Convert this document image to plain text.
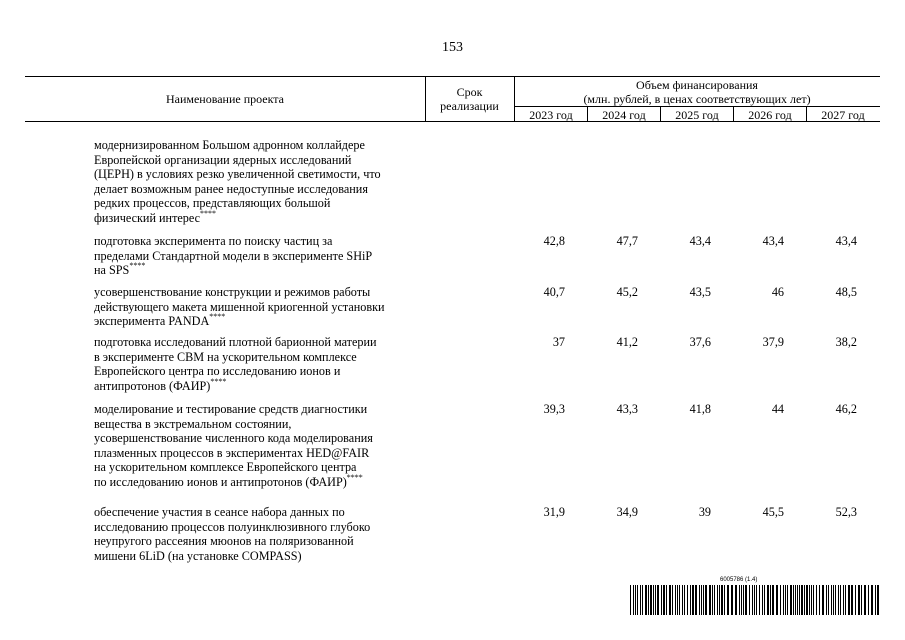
153
Наименование проекта	Срок
реализации
Объем финансирования
(млн. рублей, в ценах соответствующих лет)
2023 год	2024 год	2025 год	2026 год	2027 год
модернизированном Большом адронном коллайдере
Европейской организации ядерных исследований
(ЦЕРН) в условиях резко увеличенной светимости, что
делает возможным ранее недоступные исследования
редких процессов, представляющих большой
физический интерес****
подготовка эксперимента по поиску частиц за
пределами Стандартной модели в эксперименте SHiP
на SPS****
42,8	47,7	43,4	43,4	43,4
усовершенствование конструкции и режимов работы
действующего макета мишенной криогенной установки
эксперимента PANDA****
40,7	45,2	43,5	46	48,5
подготовка исследований плотной барионной материи
в эксперименте CBM на ускорительном комплексе
Европейского центра по исследованию ионов и
антипротонов (ФАИР)****
37	41,2	37,6	37,9	38,2
моделирование и тестирование средств диагностики
вещества в экстремальном состоянии,
усовершенствование численного кода моделирования
плазменных процессов в экспериментах HED@FAIR
на ускорительном комплексе Европейского центра
по исследованию ионов и антипротонов (ФАИР)****
39,3	43,3	41,8	44	46,2
обеспечение участия в сеансе набора данных по
исследованию процессов полуинклюзивного глубоко
неупругого рассеяния мюонов на поляризованной
мишени 6LiD (на установке COMPASS)
31,9	34,9	39	45,5	52,3
6005786 (1.4)
